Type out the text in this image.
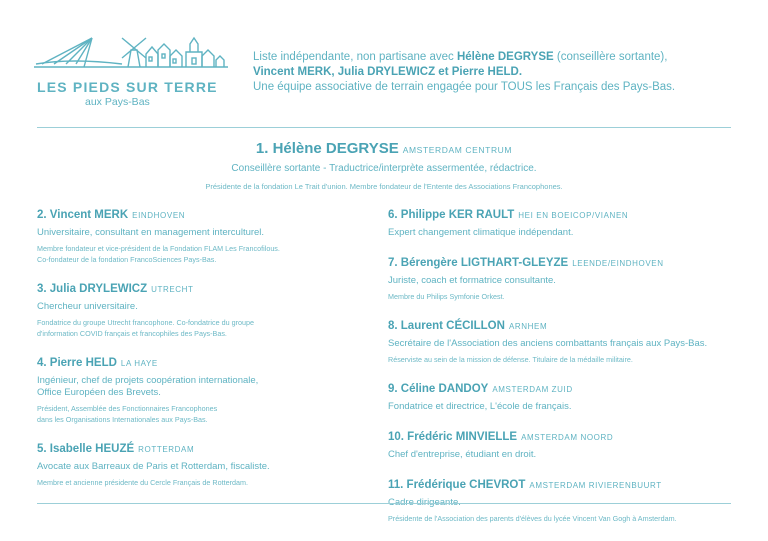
LES PIEDS SUR TERRE
aux Pays-Bas
Liste indépendante, non partisane avec Hélène DEGRYSE (conseillère sortante),
Vincent MERK, Julia DRYLEWICZ et Pierre HELD.
Une équipe associative de terrain engagée pour TOUS les Français des Pays-Bas.
1. Hélène DEGRYSE AMSTERDAM CENTRUM
Conseillère sortante - Traductrice/interprète assermentée, rédactrice.
Présidente de la fondation Le Trait d'union. Membre fondateur de l'Entente des Associations Francophones.
2. Vincent MERK EINDHOVEN
Universitaire, consultant en management interculturel.
Membre fondateur et vice-président de la Fondation FLAM Les Francofilous.
Co-fondateur de la fondation FrancoSciences Pays-Bas.
3. Julia DRYLEWICZ UTRECHT
Chercheur universitaire.
Fondatrice du groupe Utrecht francophone. Co-fondatrice du groupe
d'information COVID français et francophiles des Pays-Bas.
4. Pierre HELD LA HAYE
Ingénieur, chef de projets coopération internationale,
Office Européen des Brevets.
Président, Assemblée des Fonctionnaires Francophones
dans les Organisations Internationales aux Pays-Bas.
5. Isabelle HEUZÉ ROTTERDAM
Avocate aux Barreaux de Paris et Rotterdam, fiscaliste.
Membre et ancienne présidente du Cercle Français de Rotterdam.
6. Philippe KER RAULT HEI EN BOEICOP/VIANEN
Expert changement climatique indépendant.
7. Bérengère LIGTHART-GLEYZE LEENDE/EINDHOVEN
Juriste, coach et formatrice consultante.
Membre du Philips Symfonie Orkest.
8. Laurent CÉCILLON ARNHEM
Secrétaire de l'Association des anciens combattants français aux Pays-Bas.
Réserviste au sein de la mission de défense. Titulaire de la médaille militaire.
9. Céline DANDOY AMSTERDAM ZUID
Fondatrice et directrice, L'école de français.
10. Frédéric MINVIELLE AMSTERDAM NOORD
Chef d'entreprise, étudiant en droit.
11. Frédérique CHEVROT AMSTERDAM RIVIERENBUURT
Présidente de l'Association des parents d'élèves du lycée Vincent Van Gogh à Amsterdam.
